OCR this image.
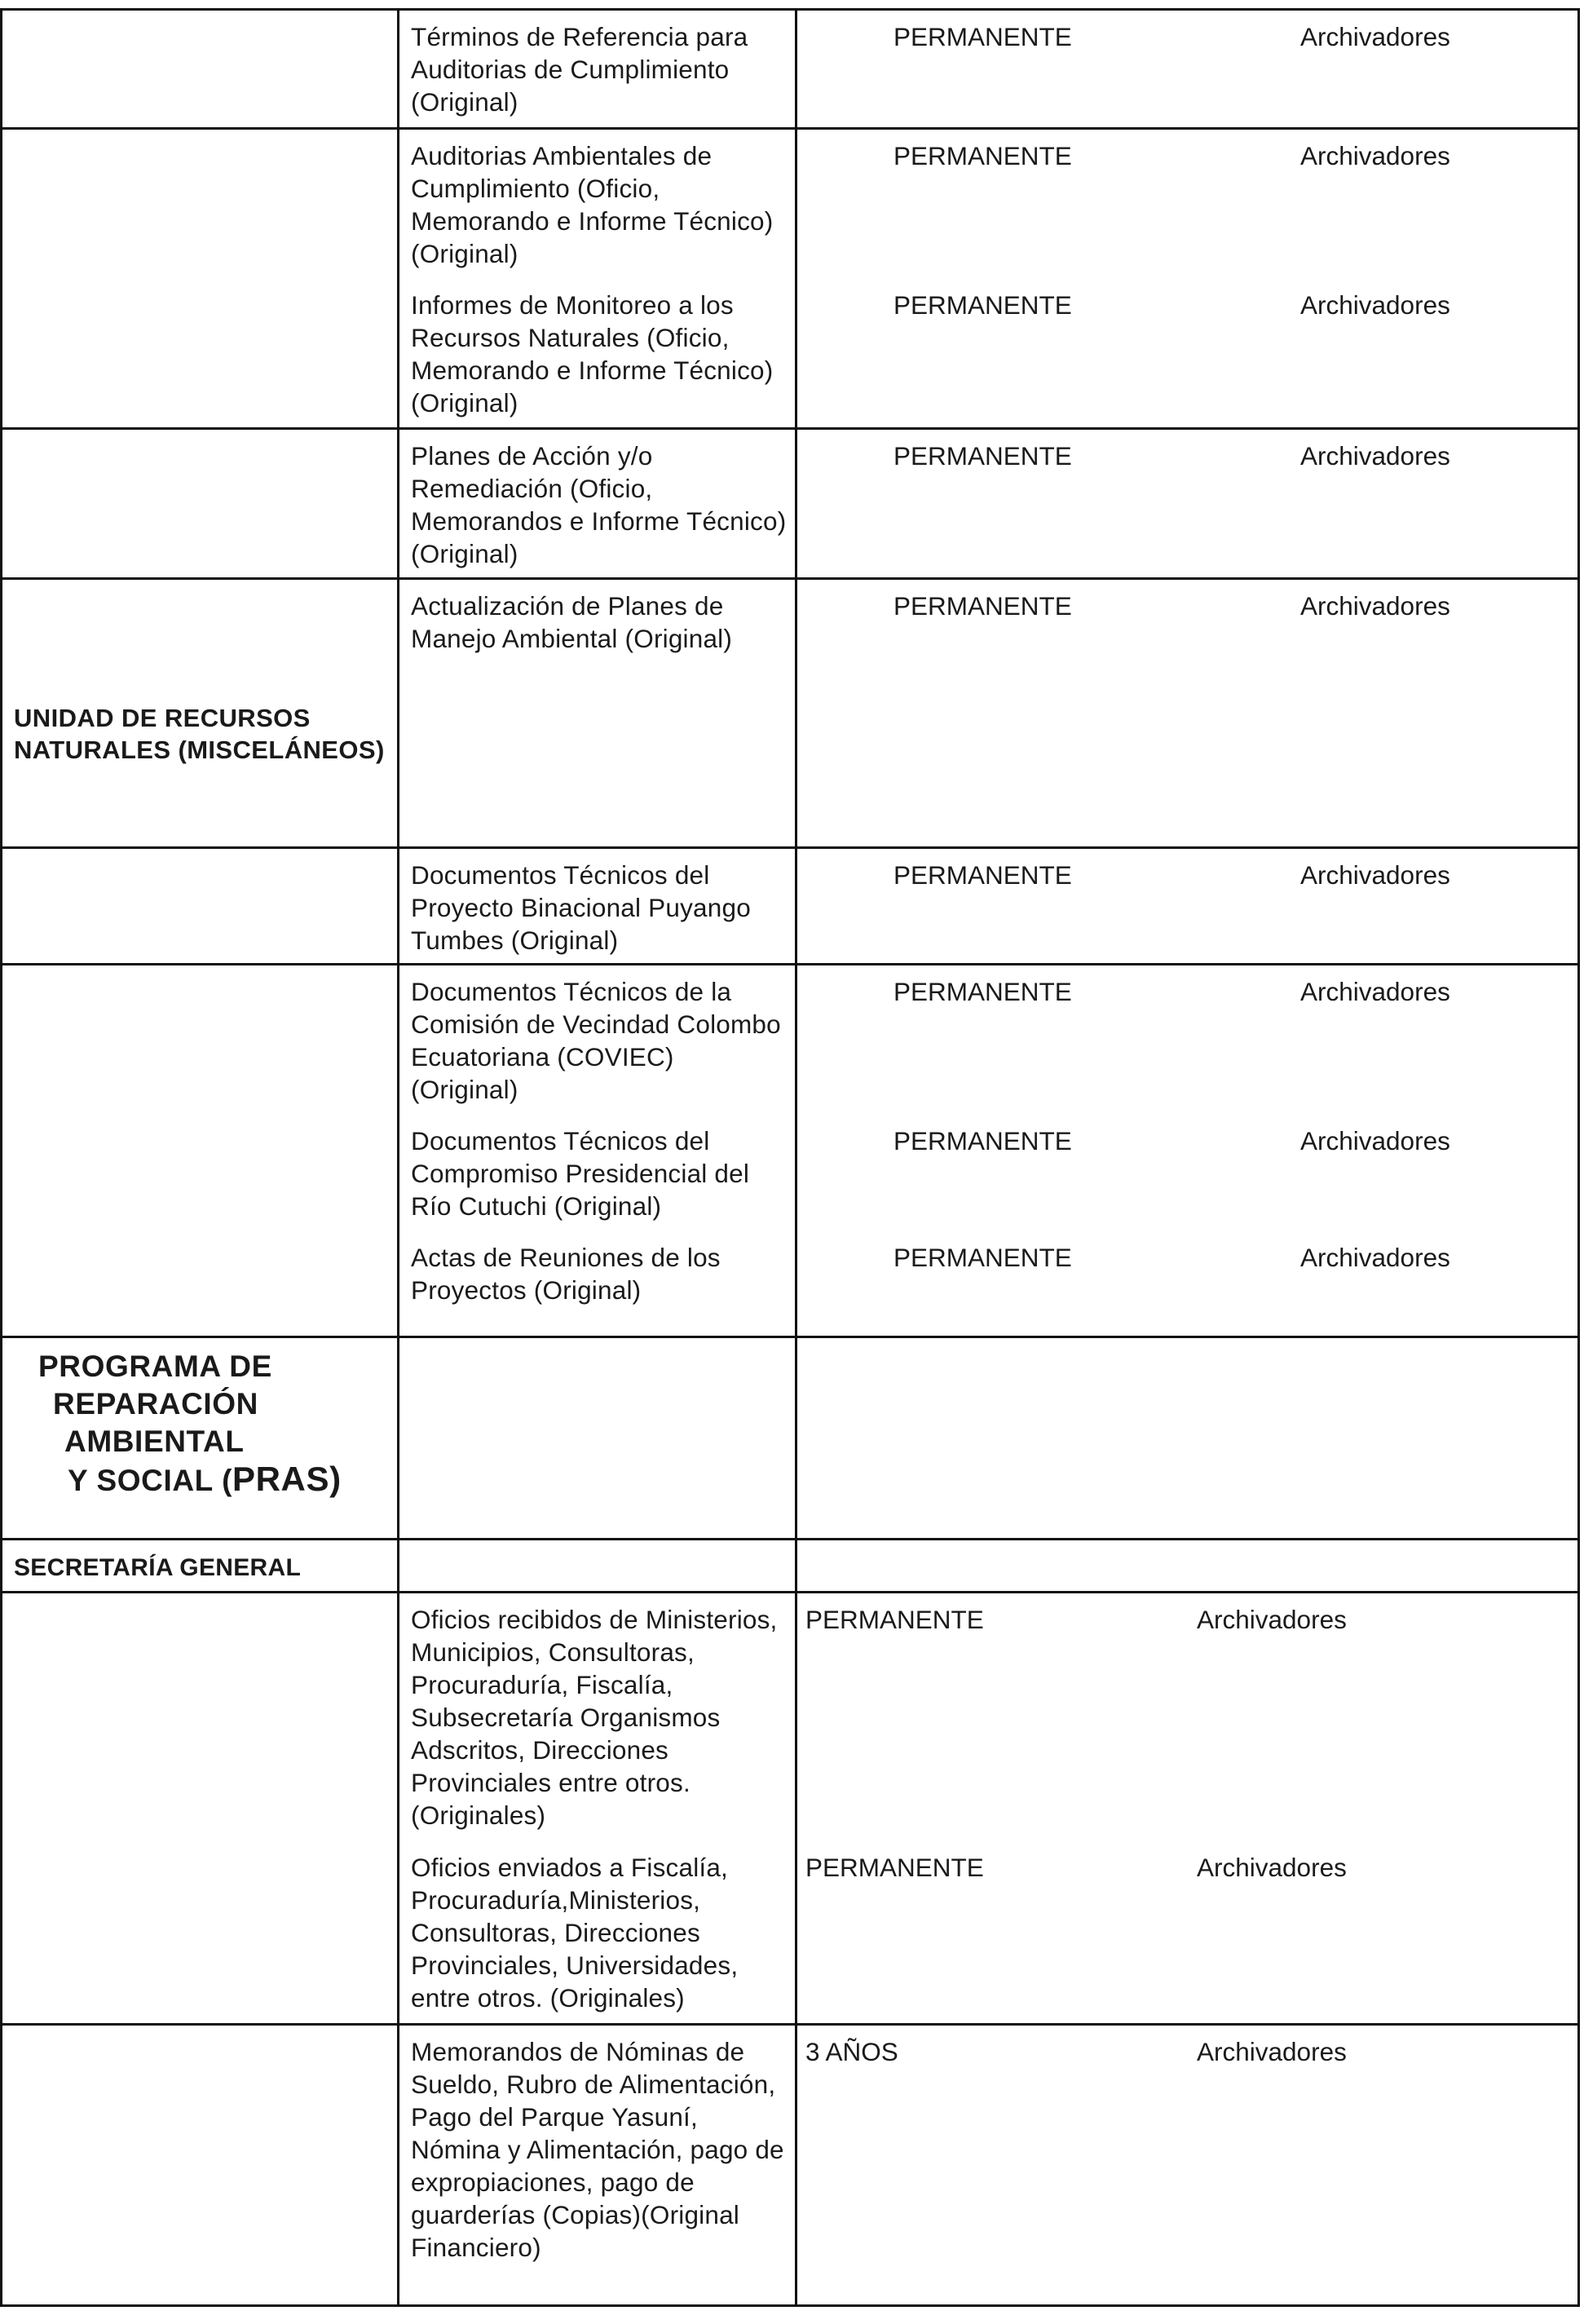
	Términos de Referencia para Auditorias de Cumplimiento (Original)	PERMANENTE Archivadores

	Auditorias Ambientales de Cumplimiento (Oficio, Memorando e Informe Técnico) (Original)	PERMANENTE Archivadores

	Informes de Monitoreo a los Recursos Naturales (Oficio, Memorando e Informe Técnico) (Original)	PERMANENTE Archivadores

	Planes de Acción y/o Remediación (Oficio, Memorandos e Informe Técnico) (Original)	PERMANENTE Archivadores

UNIDAD DE RECURSOS NATURALES (MISCELÁNEOS)	Actualización de Planes de Manejo Ambiental (Original)	PERMANENTE Archivadores

	Documentos Técnicos del Proyecto Binacional Puyango Tumbes (Original)	PERMANENTE Archivadores

	Documentos Técnicos de la Comisión de Vecindad Colombo Ecuatoriana (COVIEC) (Original)	PERMANENTE Archivadores

	Documentos Técnicos del Compromiso Presidencial del Río Cutuchi (Original)	PERMANENTE Archivadores

	Actas de Reuniones de los Proyectos (Original)	PERMANENTE Archivadores

PROGRAMA DE
REPARACIÓN
AMBIENTAL
Y SOCIAL (PRAS)		

SECRETARÍA GENERAL		

	Oficios recibidos de Ministerios, Municipios, Consultoras, Procuraduría, Fiscalía, Subsecretaría Organismos Adscritos, Direcciones Provinciales entre otros. (Originales)	PERMANENTE Archivadores

	Oficios enviados a Fiscalía, Procuraduría,Ministerios, Consultoras, Direcciones Provinciales, Universidades, entre otros. (Originales)	PERMANENTE Archivadores

	Memorandos de Nóminas de Sueldo, Rubro de Alimentación, Pago del Parque Yasuní, Nómina y Alimentación, pago de expropiaciones, pago de guarderías (Copias)(Original Financiero)	3 AÑOS Archivadores
